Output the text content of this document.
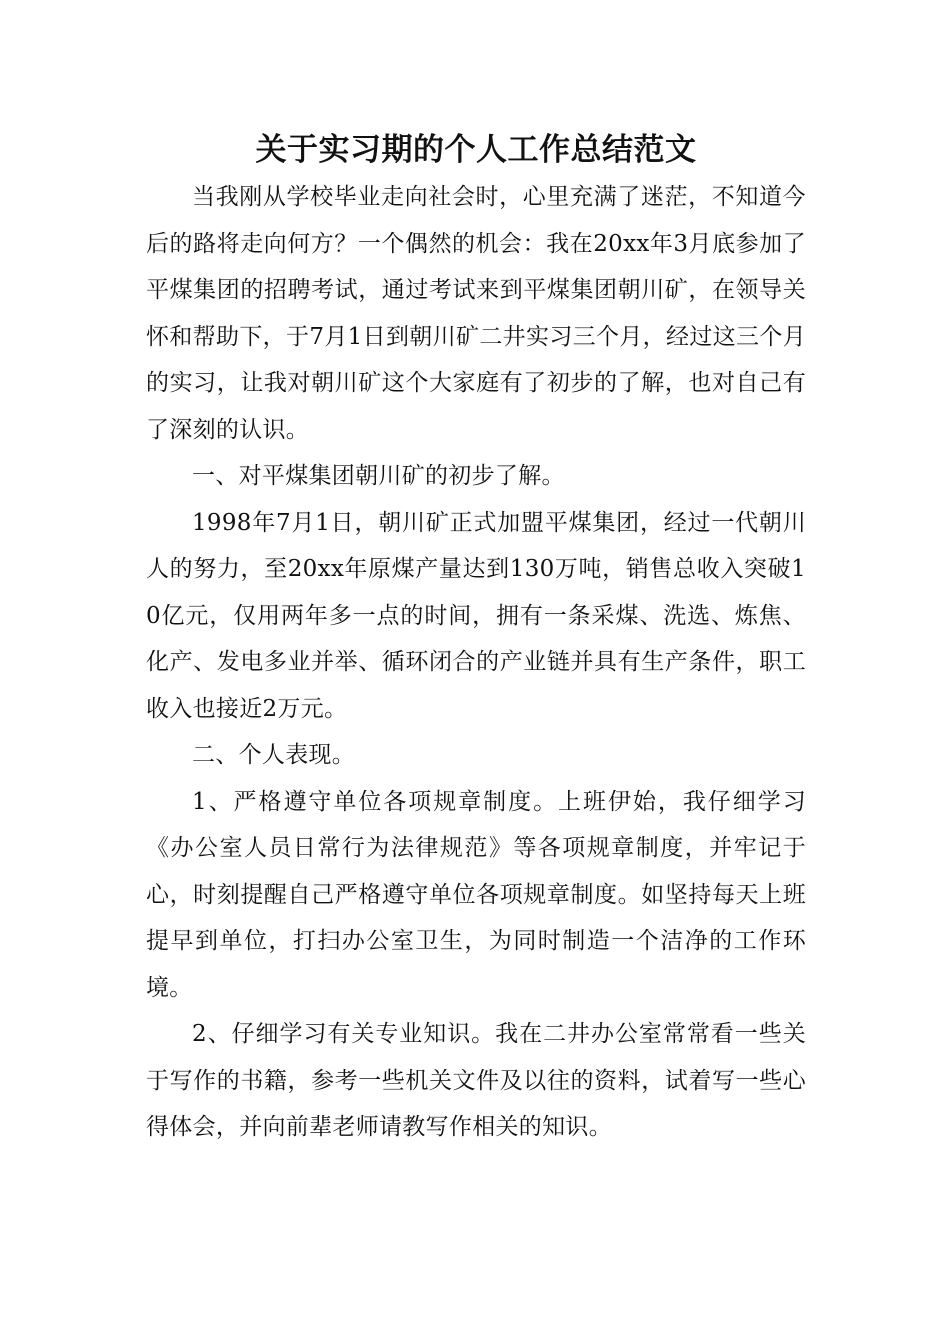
关于实习期的个人工作总结范文

当我刚从学校毕业走向社会时，心里充满了迷茫，不知道今后的路将走向何方？一个偶然的机会：我在20xx年3月底参加了平煤集团的招聘考试，通过考试来到平煤集团朝川矿，在领导关怀和帮助下，于7月1日到朝川矿二井实习三个月，经过这三个月的实习，让我对朝川矿这个大家庭有了初步的了解，也对自己有了深刻的认识。

一、对平煤集团朝川矿的初步了解。

1998年7月1日，朝川矿正式加盟平煤集团，经过一代朝川人的努力，至20xx年原煤产量达到130万吨，销售总收入突破10亿元，仅用两年多一点的时间，拥有一条采煤、洗选、炼焦、化产、发电多业并举、循环闭合的产业链并具有生产条件，职工收入也接近2万元。

二、个人表现。

1、严格遵守单位各项规章制度。上班伊始，我仔细学习《办公室人员日常行为法律规范》等各项规章制度，并牢记于心，时刻提醒自己严格遵守单位各项规章制度。如坚持每天上班提早到单位，打扫办公室卫生，为同时制造一个洁净的工作环境。

2、仔细学习有关专业知识。我在二井办公室常常看一些关于写作的书籍，参考一些机关文件及以往的资料，试着写一些心得体会，并向前辈老师请教写作相关的知识。
